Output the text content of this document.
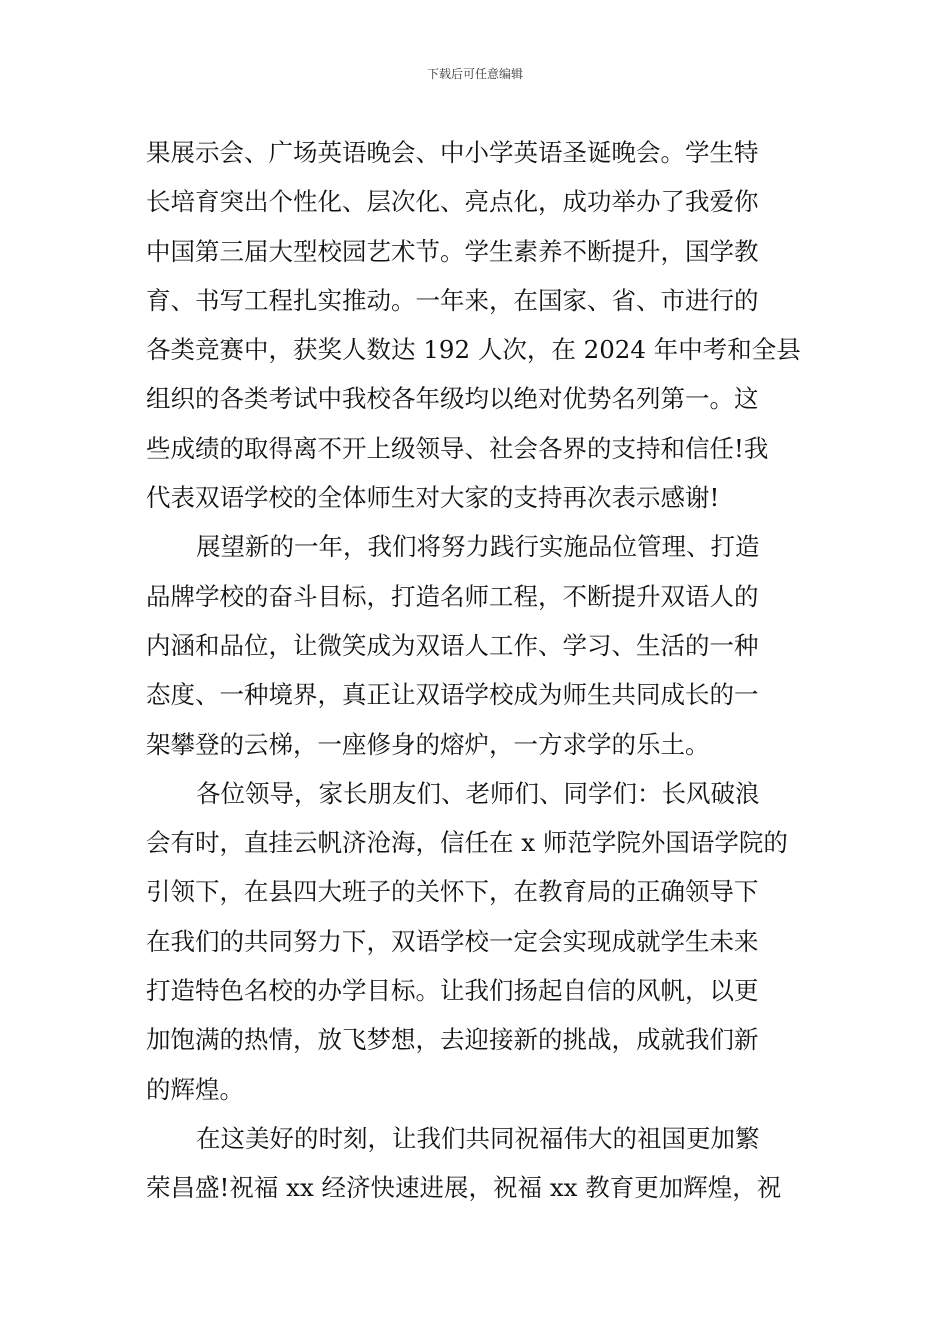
下载后可任意编辑
果展示会、广场英语晚会、中小学英语圣诞晚会。学生特
长培育突出个性化、层次化、亮点化，成功举办了我爱你
中国第三届大型校园艺术节。学生素养不断提升，国学教
育、书写工程扎实推动。一年来，在国家、省、市进行的
各类竞赛中，获奖人数达 192 人次，在 2024 年中考和全县
组织的各类考试中我校各年级均以绝对优势名列第一。这
些成绩的取得离不开上级领导、社会各界的支持和信任!我
代表双语学校的全体师生对大家的支持再次表示感谢!
展望新的一年，我们将努力践行实施品位管理、打造
品牌学校的奋斗目标，打造名师工程，不断提升双语人的
内涵和品位，让微笑成为双语人工作、学习、生活的一种
态度、一种境界，真正让双语学校成为师生共同成长的一
架攀登的云梯，一座修身的熔炉，一方求学的乐土。
各位领导，家长朋友们、老师们、同学们：长风破浪
会有时，直挂云帆济沧海，信任在 x 师范学院外国语学院的
引领下，在县四大班子的关怀下，在教育局的正确领导下
在我们的共同努力下，双语学校一定会实现成就学生未来
打造特色名校的办学目标。让我们扬起自信的风帆，以更
加饱满的热情，放飞梦想，去迎接新的挑战，成就我们新
的辉煌。
在这美好的时刻，让我们共同祝福伟大的祖国更加繁
荣昌盛!祝福 xx 经济快速进展，祝福 xx 教育更加辉煌，祝
